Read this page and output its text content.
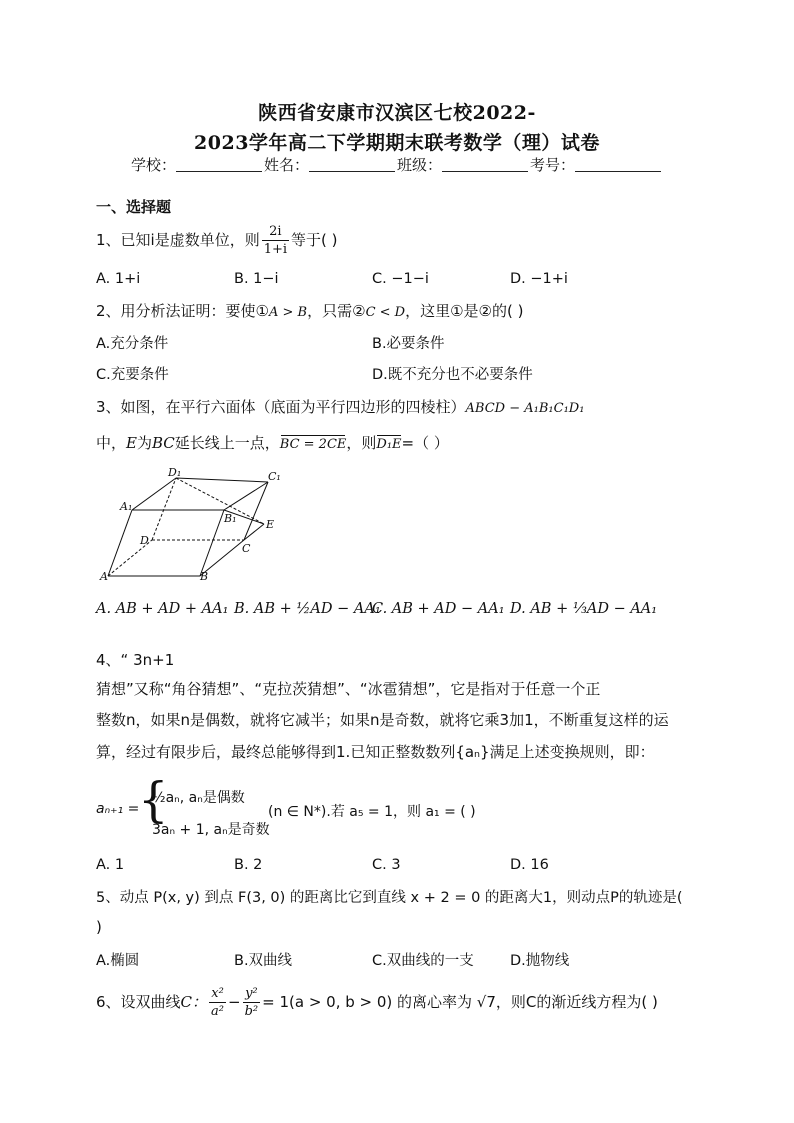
陕西省安康市汉滨区七校2022-
2023学年高二下学期期末联考数学（理）试卷
学校：	姓名：	班级：	考号：
一、选择题
1、已知i是虚数单位，则 $\frac{2i}{1+i}$ 等于( )
A. 1+i	B. 1−i	C. −1−i	D. −1+i
2、用分析法证明：要使①A > B，只需②C < D，这里①是②的( )
A.充分条件	B.必要条件
C.充要条件	D.既不充分也不必要条件
3、如图，在平行六面体（底面为平行四边形的四棱柱）ABCD − A₁B₁C₁D₁
中，E为BC延长线上一点，BC = 2CE，则D₁E=（ ）
D₁	C₁
A₁
B₁	E
D
C
A	B
A. AB + AD + AA₁ B. AB + ½AD − AA₁
C. AB + AD − AA₁ D. AB + ⅓AD − AA₁
4、“ 3n+1
猜想”又称“角谷猜想”、“克拉茨猜想”、“冰雹猜想”，它是指对于任意一个正
整数n，如果n是偶数，就将它减半；如果n是奇数，就将它乘3加1，不断重复这样的运
算，经过有限步后，最终总能够得到1.已知正整数数列{aₙ}满足上述变换规则，即：
aₙ₊₁ =
{
½aₙ, aₙ是偶数
3aₙ + 1, aₙ是奇数
(n ∈ N*).若 a₅ = 1，则 a₁ = ( )
A. 1	B. 2	C. 3	D. 16
5、动点 P(x, y) 到点 F(3, 0) 的距离比它到直线 x + 2 = 0 的距离大1，则动点P的轨迹是(
)
A.椭圆	B.双曲线	C.双曲线的一支	D.抛物线
6、设双曲线C： $\frac{\text{x²}}{\text{a²}} - \frac{\text{y²}}{\text{b²}} = 1(a > 0$, b > 0) 的离心率为 √7，则C的渐近线方程为( )
